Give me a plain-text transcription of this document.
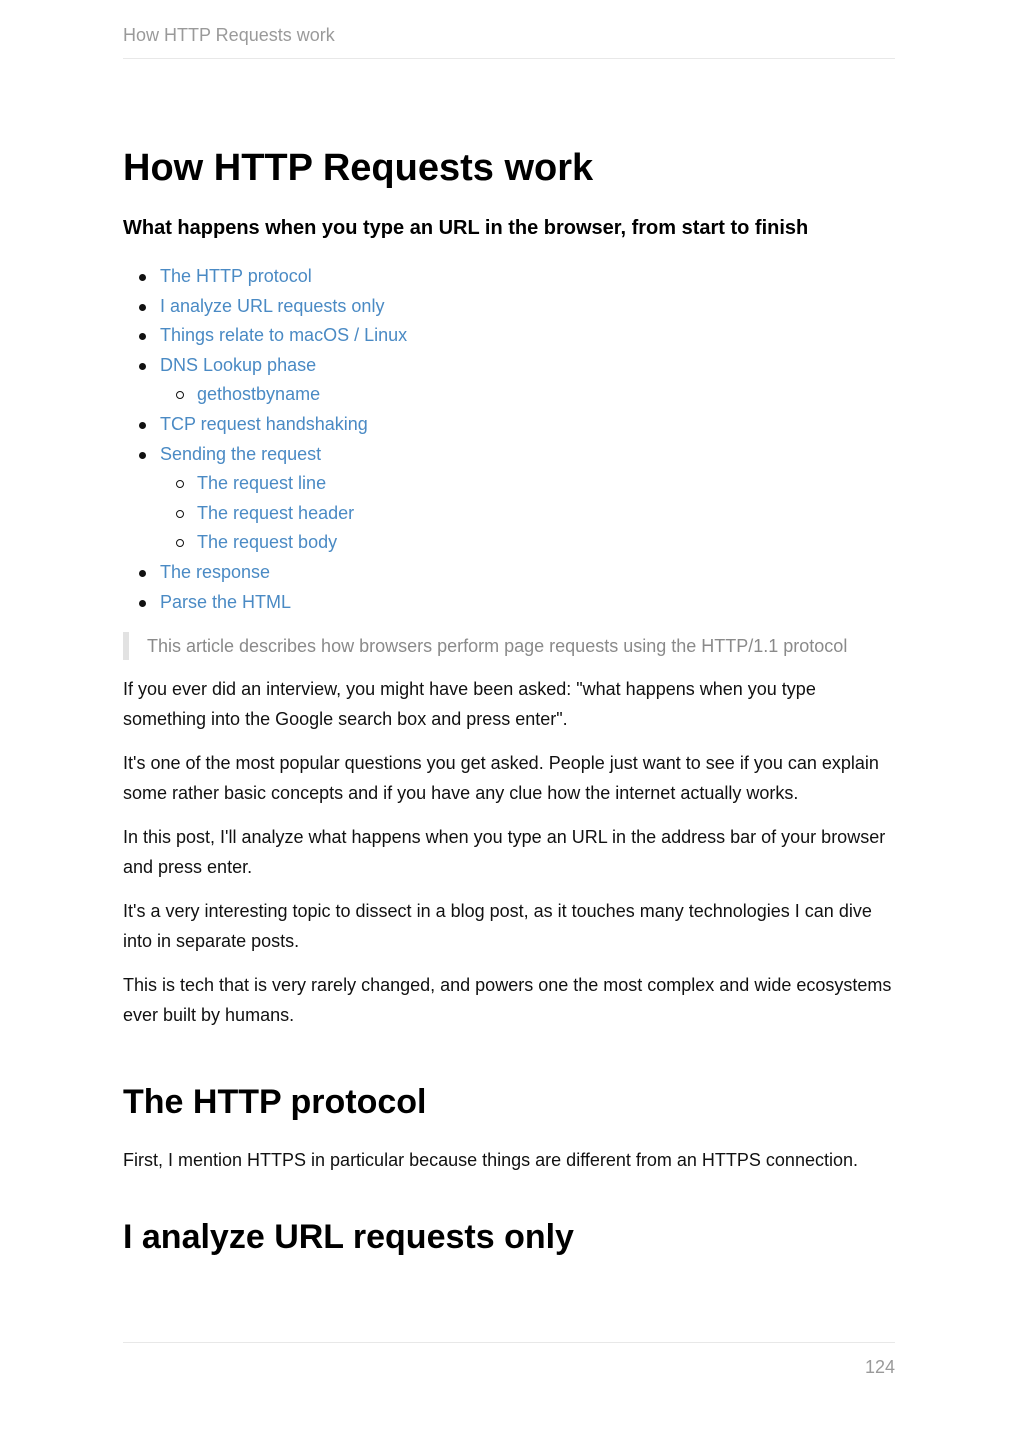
How HTTP Requests work
How HTTP Requests work
What happens when you type an URL in the browser, from start to finish
The HTTP protocol
I analyze URL requests only
Things relate to macOS / Linux
DNS Lookup phase
gethostbyname
TCP request handshaking
Sending the request
The request line
The request header
The request body
The response
Parse the HTML
This article describes how browsers perform page requests using the HTTP/1.1 protocol

If you ever did an interview, you might have been asked: "what happens when you type something into the Google search box and press enter".

It's one of the most popular questions you get asked. People just want to see if you can explain some rather basic concepts and if you have any clue how the internet actually works.

In this post, I'll analyze what happens when you type an URL in the address bar of your browser and press enter.

It's a very interesting topic to dissect in a blog post, as it touches many technologies I can dive into in separate posts.

This is tech that is very rarely changed, and powers one the most complex and wide ecosystems ever built by humans.

The HTTP protocol

First, I mention HTTPS in particular because things are different from an HTTPS connection.

I analyze URL requests only
124
